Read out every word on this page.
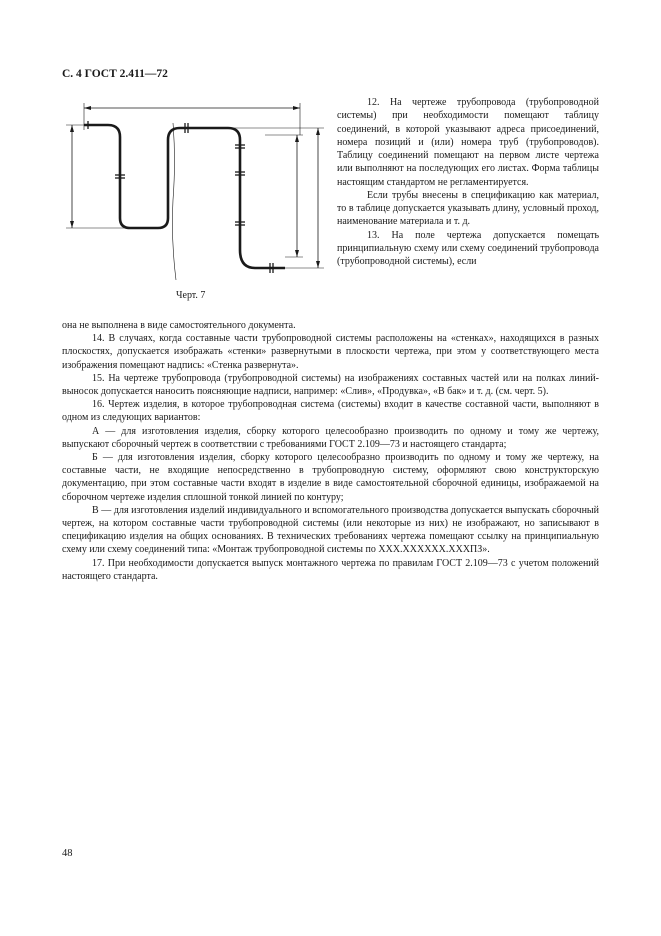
С. 4 ГОСТ 2.411—72
Черт. 7

12. На чертеже трубопровода (трубопроводной системы) при необходимости помещают таблицу соединений, в которой указывают адреса присоединений, номера позиций и (или) номера труб (трубопроводов). Таблицу соединений помещают на первом листе чертежа или выполняют на последующих его листах. Форма таблицы настоящим стандартом не регламентируется.

Если трубы внесены в спецификацию как материал, то в таблице допускается указывать длину, условный проход, наименование материала и т. д.

13. На поле чертежа допускается помещать принципиальную схему или схему соединений трубопровода (трубопроводной системы), если

она не выполнена в виде самостоятельного документа.

14. В случаях, когда составные части трубопроводной системы расположены на «стенках», находящихся в разных плоскостях, допускается изображать «стенки» развернутыми в плоскости чертежа, при этом у соответствующего места изображения помещают надпись: «Стенка развернута».

15. На чертеже трубопровода (трубопроводной системы) на изображениях составных частей или на полках линий-выносок допускается наносить поясняющие надписи, например: «Слив», «Продувка», «В бак» и т. д. (см. черт. 5).

16. Чертеж изделия, в которое трубопроводная система (системы) входит в качестве составной части, выполняют в одном из следующих вариантов:

А — для изготовления изделия, сборку которого целесообразно производить по одному и тому же чертежу, выпускают сборочный чертеж в соответствии с требованиями ГОСТ 2.109—73 и настоящего стандарта;

Б — для изготовления изделия, сборку которого целесообразно производить по одному и тому же чертежу, на составные части, не входящие непосредственно в трубопроводную систему, оформляют свою конструкторскую документацию, при этом составные части входят в изделие в виде самостоятельной сборочной единицы, изображаемой на сборочном чертеже изделия сплошной тонкой линией по контуру;

В — для изготовления изделий индивидуального и вспомогательного производства допускается выпускать сборочный чертеж, на котором составные части трубопроводной системы (или некоторые из них) не изображают, но записывают в спецификацию изделия на общих основаниях. В технических требованиях чертежа помещают ссылку на принципиальную схему или схему соединений типа: «Монтаж трубопроводной системы по ХХХ.ХХХХХХ.ХХХПЗ».

17. При необходимости допускается выпуск монтажного чертежа по правилам ГОСТ 2.109—73 с учетом положений настоящего стандарта.

48
